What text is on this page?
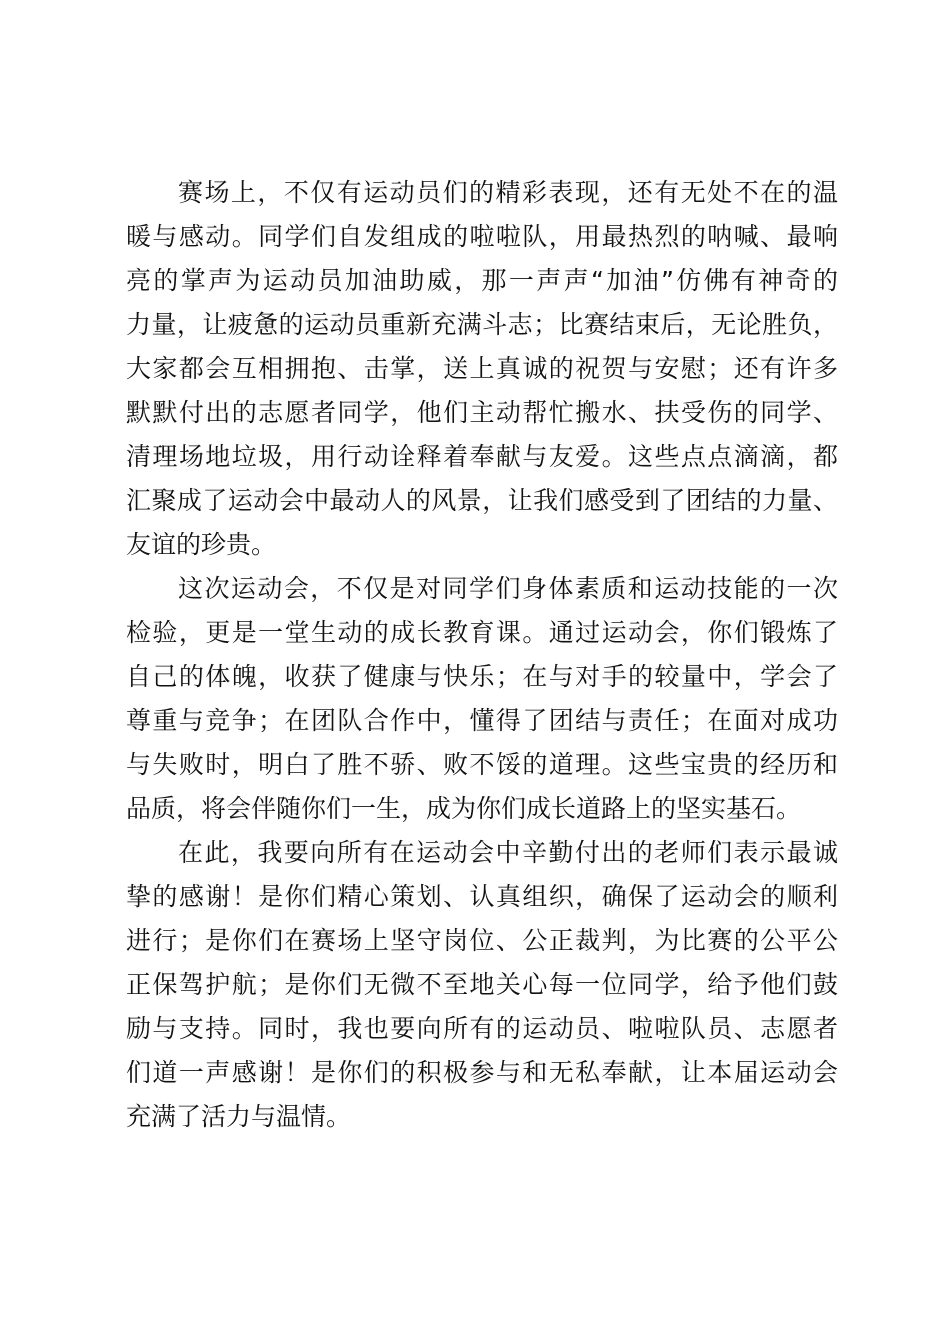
赛场上，不仅有运动员们的精彩表现，还有无处不在的温
暖与感动。同学们自发组成的啦啦队，用最热烈的呐喊、最响
亮的掌声为运动员加油助威，那一声声“加油”仿佛有神奇的
力量，让疲惫的运动员重新充满斗志；比赛结束后，无论胜负，
大家都会互相拥抱、击掌，送上真诚的祝贺与安慰；还有许多
默默付出的志愿者同学，他们主动帮忙搬水、扶受伤的同学、
清理场地垃圾，用行动诠释着奉献与友爱。这些点点滴滴，都
汇聚成了运动会中最动人的风景，让我们感受到了团结的力量、
友谊的珍贵。
这次运动会，不仅是对同学们身体素质和运动技能的一次
检验，更是一堂生动的成长教育课。通过运动会，你们锻炼了
自己的体魄，收获了健康与快乐；在与对手的较量中，学会了
尊重与竞争；在团队合作中，懂得了团结与责任；在面对成功
与失败时，明白了胜不骄、败不馁的道理。这些宝贵的经历和
品质，将会伴随你们一生，成为你们成长道路上的坚实基石。
在此，我要向所有在运动会中辛勤付出的老师们表示最诚
挚的感谢！是你们精心策划、认真组织，确保了运动会的顺利
进行；是你们在赛场上坚守岗位、公正裁判，为比赛的公平公
正保驾护航；是你们无微不至地关心每一位同学，给予他们鼓
励与支持。同时，我也要向所有的运动员、啦啦队员、志愿者
们道一声感谢！是你们的积极参与和无私奉献，让本届运动会
充满了活力与温情。
